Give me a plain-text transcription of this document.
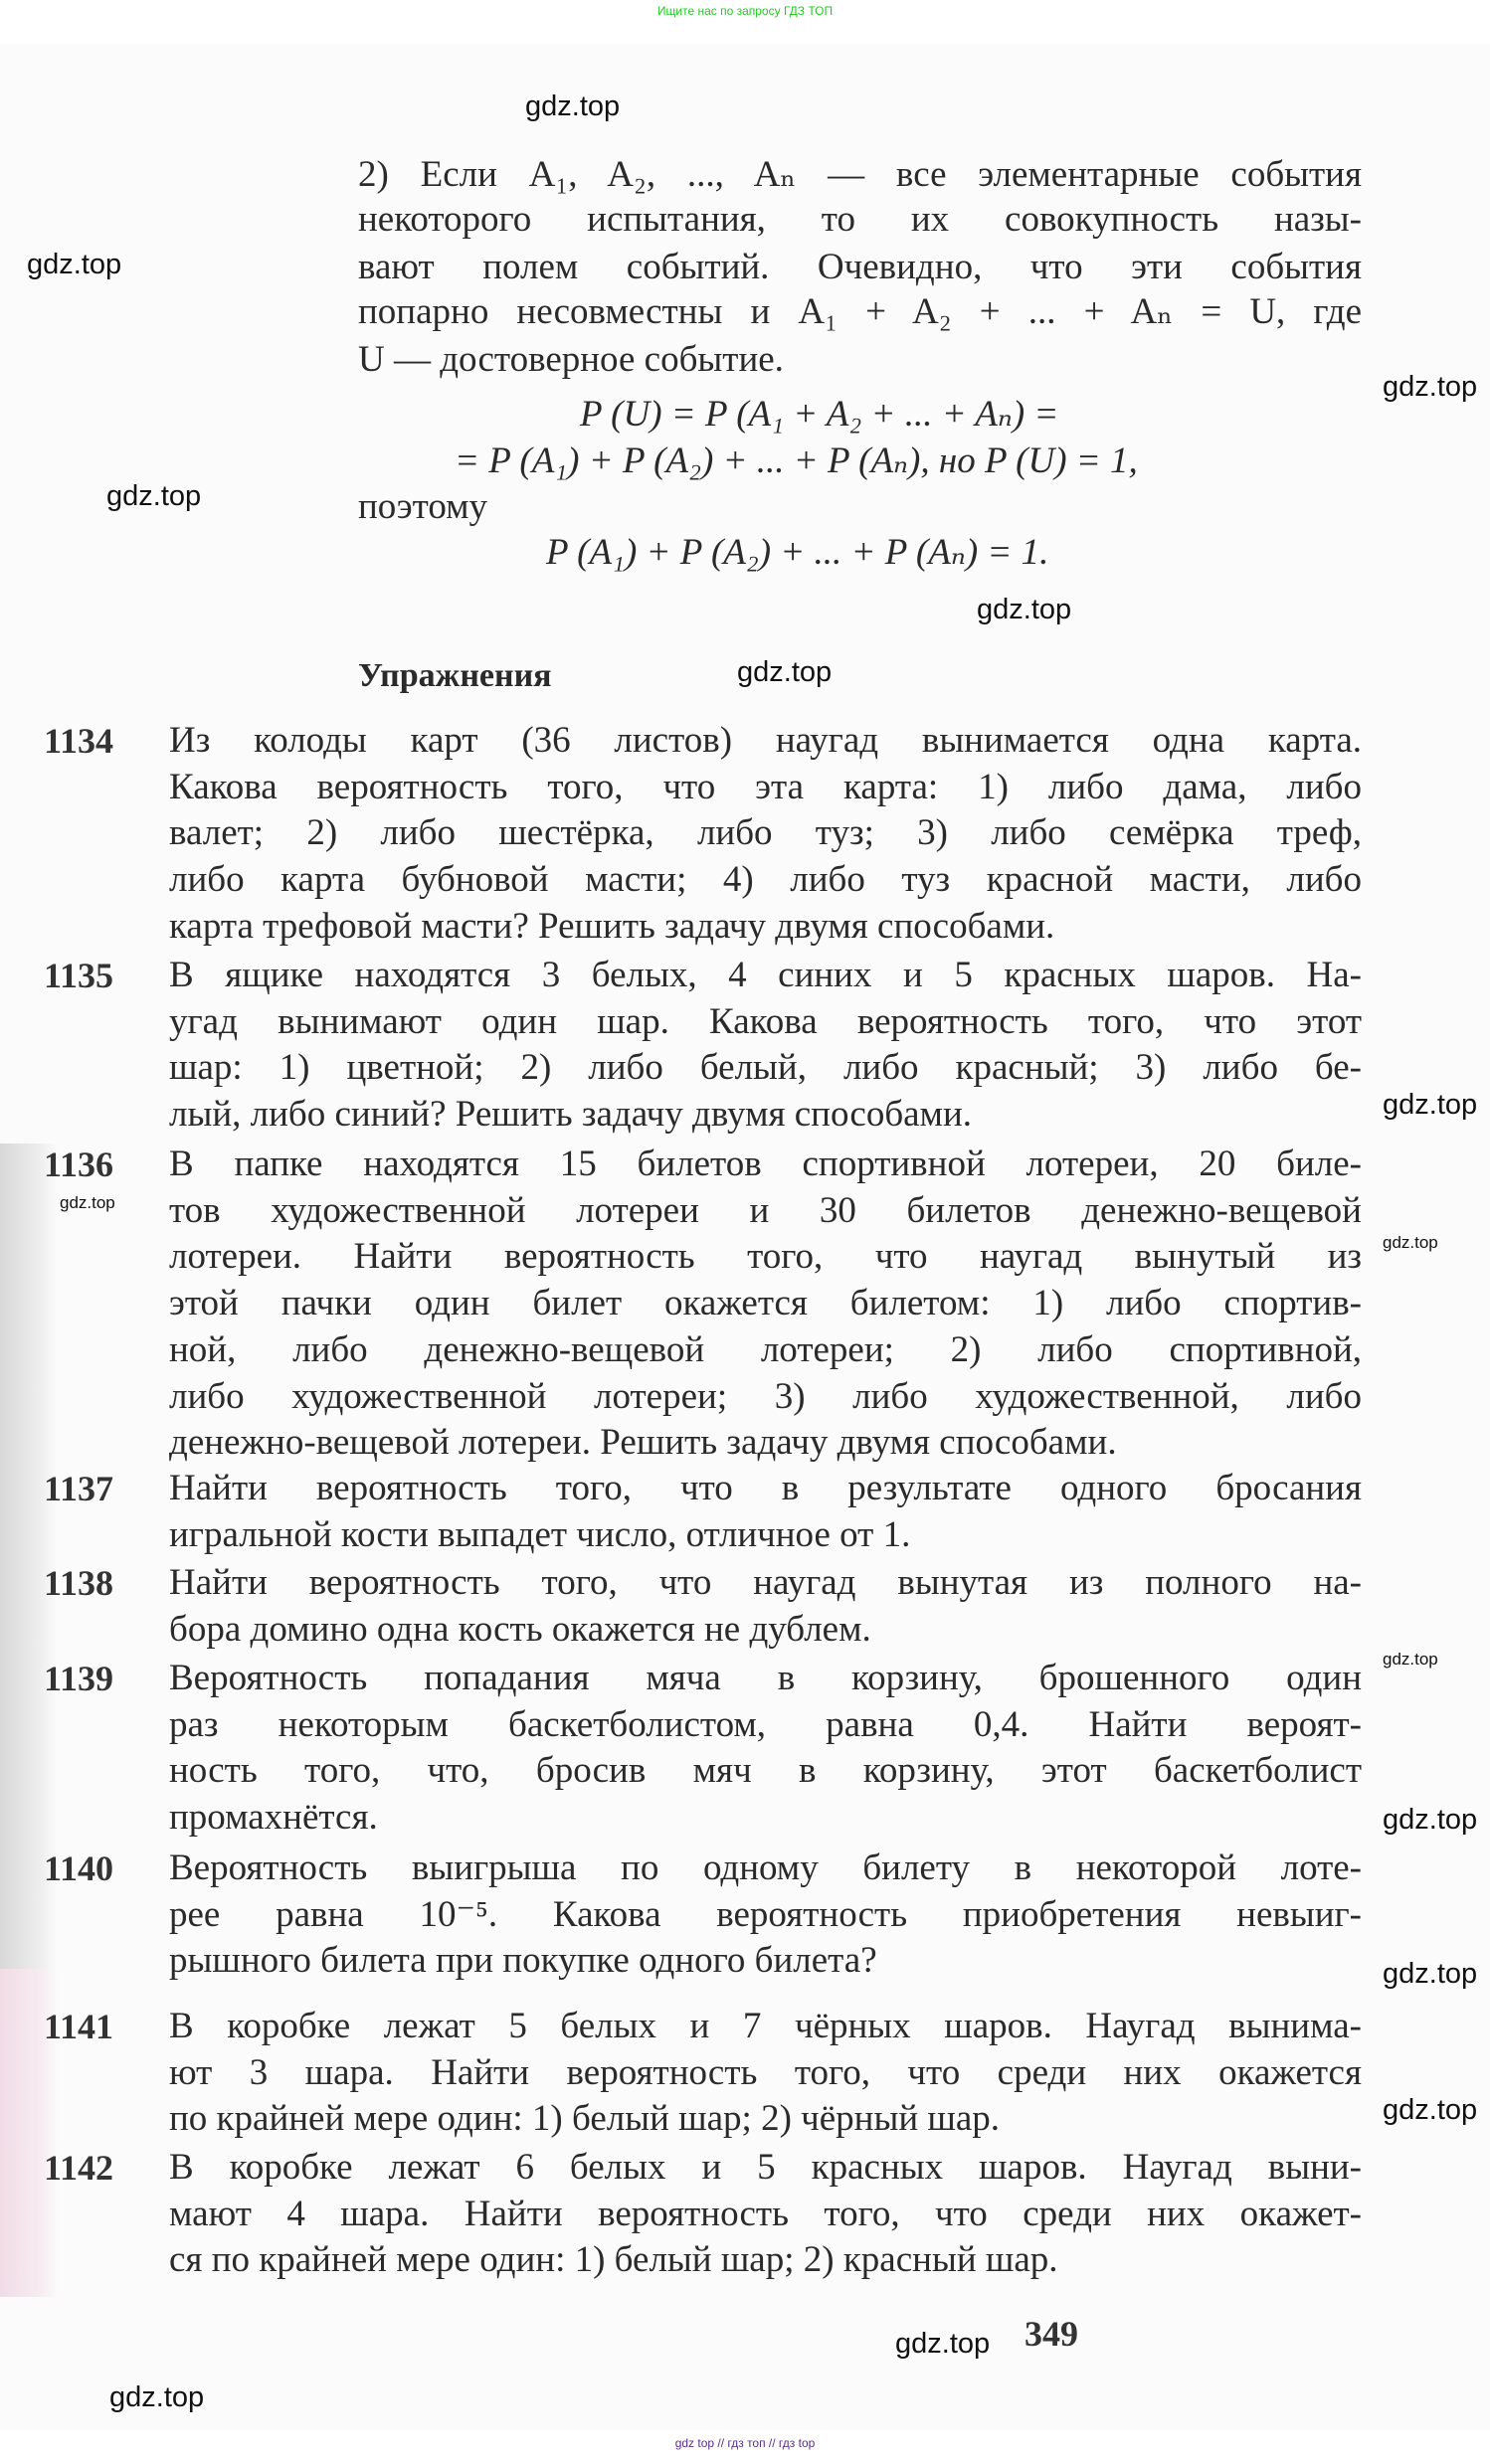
Ищите нас по запросу ГДЗ ТОП
2) Если A₁, A₂, ..., Aₙ — все элементарные события
некоторого испытания, то их совокупность назы-
вают полем событий. Очевидно, что эти события
попарно несовместны и A₁ + A₂ + ... + Aₙ = U, где
U — достоверное событие.
P (U) = P (A₁ + A₂ + ... + Aₙ) =
= P (A₁) + P (A₂) + ... + P (Aₙ), но P (U) = 1,
поэтому
P (A₁) + P (A₂) + ... + P (Aₙ) = 1.
Упражнения
1134 Из колоды карт (36 листов) наугад вынимается одна карта.
Какова вероятность того, что эта карта: 1) либо дама, либо
валет; 2) либо шестёрка, либо туз; 3) либо семёрка треф,
либо карта бубновой масти; 4) либо туз красной масти, либо
карта трефовой масти? Решить задачу двумя способами.
1135 В ящике находятся 3 белых, 4 синих и 5 красных шаров. На-
угад вынимают один шар. Какова вероятность того, что этот
шар: 1) цветной; 2) либо белый, либо красный; 3) либо бе-
лый, либо синий? Решить задачу двумя способами.
1136 В папке находятся 15 билетов спортивной лотереи, 20 биле-
тов художественной лотереи и 30 билетов денежно-вещевой
лотереи. Найти вероятность того, что наугад вынутый из
этой пачки один билет окажется билетом: 1) либо спортив-
ной, либо денежно-вещевой лотереи; 2) либо спортивной,
либо художественной лотереи; 3) либо художественной, либо
денежно-вещевой лотереи. Решить задачу двумя способами.
1137 Найти вероятность того, что в результате одного бросания
игральной кости выпадет число, отличное от 1.
1138 Найти вероятность того, что наугад вынутая из полного на-
бора домино одна кость окажется не дублем.
1139 Вероятность попадания мяча в корзину, брошенного один
раз некоторым баскетболистом, равна 0,4. Найти вероят-
ность того, что, бросив мяч в корзину, этот баскетболист
промахнётся.
1140 Вероятность выигрыша по одному билету в некоторой лоте-
рее равна 10⁻⁵. Какова вероятность приобретения невыиг-
рышного билета при покупке одного билета?
1141 В коробке лежат 5 белых и 7 чёрных шаров. Наугад вынима-
ют 3 шара. Найти вероятность того, что среди них окажется
по крайней мере один: 1) белый шар; 2) чёрный шар.
1142 В коробке лежат 6 белых и 5 красных шаров. Наугад выни-
мают 4 шара. Найти вероятность того, что среди них окажет-
ся по крайней мере один: 1) белый шар; 2) красный шар.
349
gdz.top
gdz.top
gdz.top
gdz.top
gdz.top
gdz.top
gdz.top
gdz.top
gdz.top
gdz.top
gdz.top
gdz.top
gdz.top
gdz.top
gdz.top
gdz top // гдз топ // гдз top
